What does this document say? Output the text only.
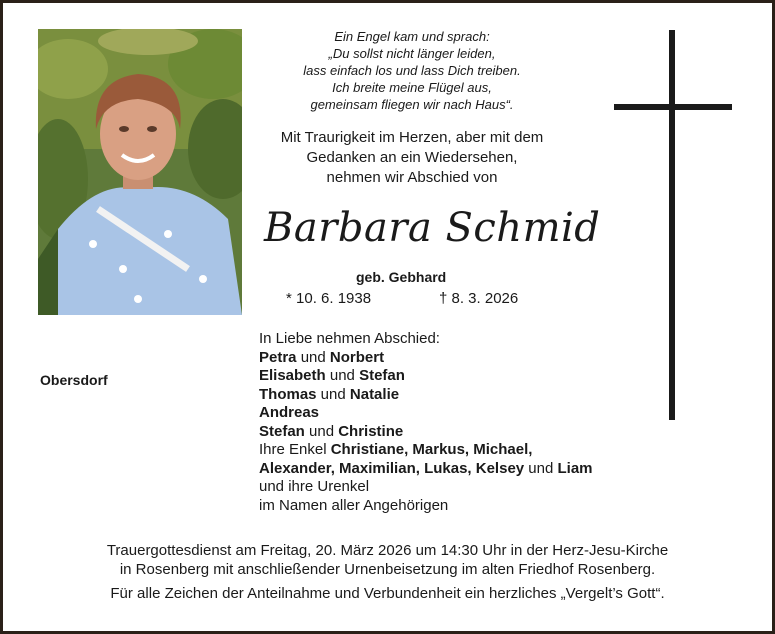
Ein Engel kam und sprach:
„Du sollst nicht länger leiden,
lass einfach los und lass Dich treiben.
Ich breite meine Flügel aus,
gemeinsam fliegen wir nach Haus“.
Mit Traurigkeit im Herzen, aber mit dem
Gedanken an ein Wiedersehen,
nehmen wir Abschied von
Barbara Schmid
geb. Gebhard
* 10. 6. 1938	† 8. 3. 2026
Obersdorf
In Liebe nehmen Abschied:
Petra und Norbert
Elisabeth und Stefan
Thomas und Natalie
Andreas
Stefan und Christine
Ihre Enkel Christiane, Markus, Michael,
Alexander, Maximilian, Lukas, Kelsey und Liam
und ihre Urenkel
im Namen aller Angehörigen
Trauergottesdienst am Freitag, 20. März 2026 um 14:30 Uhr in der Herz-Jesu-Kirche
in Rosenberg mit anschließender Urnenbeisetzung im alten Friedhof Rosenberg.
Für alle Zeichen der Anteilnahme und Verbundenheit ein herzliches „Vergelt’s Gott“.
